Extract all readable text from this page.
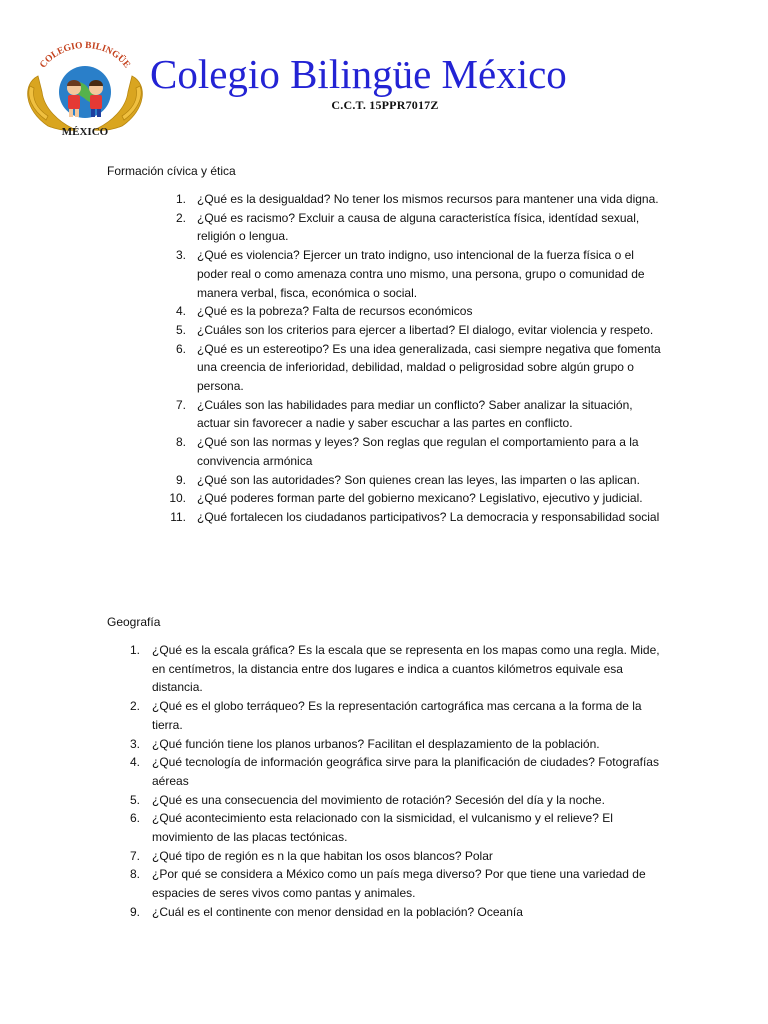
COLEGIO BILINGÜE
MÉXICO
Colegio Bilingüe México
C.C.T. 15PPR7017Z
Formación cívica y ética
1. ¿Qué es la desigualdad? No tener los mismos recursos para mantener una vida digna.
2. ¿Qué es racismo? Excluir a causa de alguna caracteristíca física, identídad sexual, religión o lengua.
3. ¿Qué es violencia? Ejercer un trato indigno, uso intencional de la fuerza física o el poder real o como amenaza contra uno mismo, una persona, grupo o comunidad de manera verbal, fisca, económica o social.
4. ¿Qué es la pobreza? Falta de recursos económicos
5. ¿Cuáles son los criterios para ejercer a libertad? El dialogo, evitar violencia y respeto.
6. ¿Qué es un estereotipo? Es una idea generalizada, casi siempre negativa que fomenta una creencia de inferioridad, debilidad, maldad o peligrosidad sobre algún grupo o persona.
7. ¿Cuáles son las habilidades para mediar un conflicto? Saber analizar la situación, actuar sin favorecer a nadie y saber escuchar a las partes en conflicto.
8. ¿Qué son las normas y leyes? Son reglas que regulan el comportamiento para a la convivencia armónica
9. ¿Qué son las autoridades? Son quienes crean las leyes, las imparten o las aplican.
10. ¿Qué poderes forman parte del gobierno mexicano? Legislativo, ejecutivo y judicial.
11. ¿Qué fortalecen los ciudadanos participativos? La democracia y responsabilidad social
Geografía
1. ¿Qué es la escala gráfica? Es la escala que se representa en los mapas como una regla. Mide, en centímetros, la distancia entre dos lugares e indica a cuantos kilómetros equivale esa distancia.
2. ¿Qué es el globo terráqueo? Es la representación cartográfica mas cercana a la forma de la tierra.
3. ¿Qué función tiene los planos urbanos? Facilitan el desplazamiento de la población.
4. ¿Qué tecnología de información geográfica sirve para la planificación de ciudades? Fotografías aéreas
5. ¿Qué es una consecuencia del movimiento de rotación? Secesión del día y la noche.
6. ¿Qué acontecimiento esta relacionado con la sismicidad, el vulcanismo y el relieve? El movimiento de las placas tectónicas.
7. ¿Qué tipo de región es n la que habitan los osos blancos? Polar
8. ¿Por qué se considera a México como un país mega diverso? Por que tiene una variedad de espacies de seres vivos como pantas y animales.
9. ¿Cuál es el continente con menor densidad en la población? Oceanía
